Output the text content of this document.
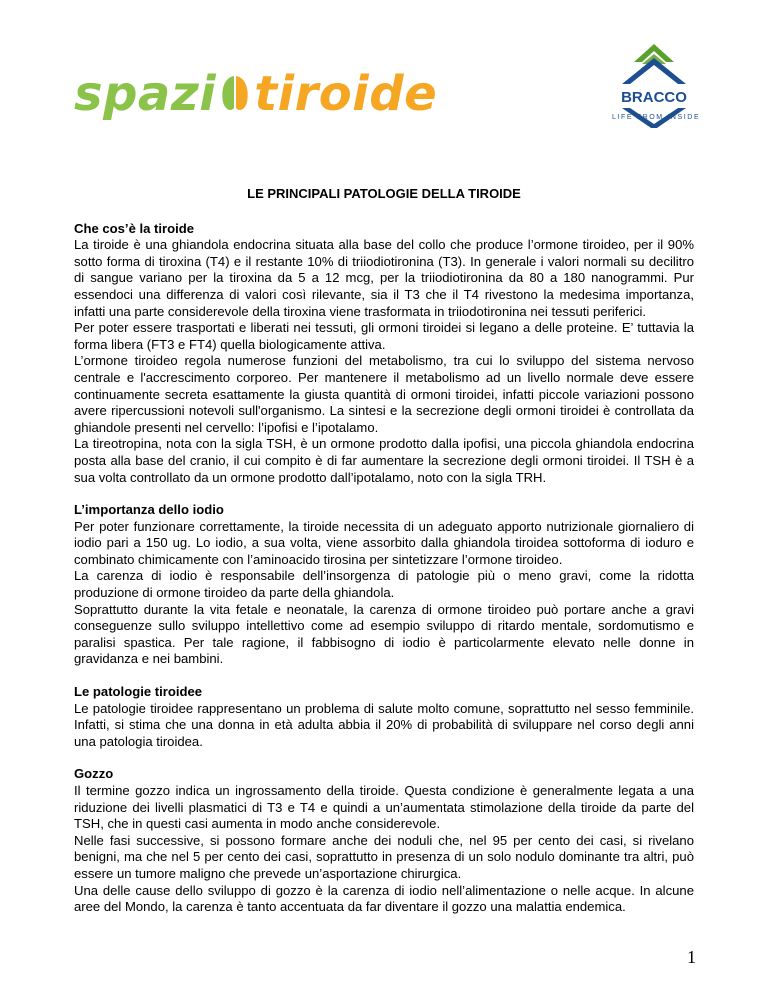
spazi tiroide	BRACCO
LIFE FROM INSIDE
LE PRINCIPALI PATOLOGIE DELLA TIROIDE

Che cos’è la tiroide

La tiroide è una ghiandola endocrina situata alla base del collo che produce l’ormone tiroideo, per il 90% sotto forma di tiroxina (T4) e il restante 10% di triiodiotironina (T3). In generale i valori normali su decilitro di sangue variano per la tiroxina da 5 a 12 mcg, per la triiodiotironina da 80 a 180 nanogrammi. Pur essendoci una differenza di valori così rilevante, sia il T3 che il T4 rivestono la medesima importanza, infatti una parte considerevole della tiroxina viene trasformata in triiodotironina nei tessuti periferici.

Per poter essere trasportati e liberati nei tessuti, gli ormoni tiroidei si legano a delle proteine. E’ tuttavia la forma libera (FT3 e FT4) quella biologicamente attiva.

L’ormone tiroideo regola numerose funzioni del metabolismo, tra cui lo sviluppo del sistema nervoso centrale e l'accrescimento corporeo. Per mantenere il metabolismo ad un livello normale deve essere continuamente secreta esattamente la giusta quantità di ormoni tiroidei, infatti piccole variazioni possono avere ripercussioni notevoli sull'organismo. La sintesi e la secrezione degli ormoni tiroidei è controllata da ghiandole presenti nel cervello: l’ipofisi e l’ipotalamo.

La tireotropina, nota con la sigla TSH, è un ormone prodotto dalla ipofisi, una piccola ghiandola endocrina posta alla base del cranio, il cui compito è di far aumentare la secrezione degli ormoni tiroidei. Il TSH è a sua volta controllato da un ormone prodotto dall’ipotalamo, noto con la sigla TRH.

L’importanza dello iodio

Per poter funzionare correttamente, la tiroide necessita di un adeguato apporto nutrizionale giornaliero di iodio pari a 150 ug. Lo iodio, a sua volta, viene assorbito dalla ghiandola tiroidea sottoforma di ioduro e combinato chimicamente con l’aminoacido tirosina per sintetizzare l’ormone tiroideo.

La carenza di iodio è responsabile dell’insorgenza di patologie più o meno gravi, come la ridotta produzione di ormone tiroideo da parte della ghiandola.

Soprattutto durante la vita fetale e neonatale, la carenza di ormone tiroideo può portare anche a gravi conseguenze sullo sviluppo intellettivo come ad esempio sviluppo di ritardo mentale, sordomutismo e paralisi spastica. Per tale ragione, il fabbisogno di iodio è particolarmente elevato nelle donne in gravidanza e nei bambini.

Le patologie tiroidee

Le patologie tiroidee rappresentano un problema di salute molto comune, soprattutto nel sesso femminile. Infatti, si stima che una donna in età adulta abbia il 20% di probabilità di sviluppare nel corso degli anni una patologia tiroidea.

Gozzo

Il termine gozzo indica un ingrossamento della tiroide. Questa condizione è generalmente legata a una riduzione dei livelli plasmatici di T3 e T4 e quindi a un’aumentata stimolazione della tiroide da parte del TSH, che in questi casi aumenta in modo anche considerevole.

Nelle fasi successive, si possono formare anche dei noduli che, nel 95 per cento dei casi, si rivelano benigni, ma che nel 5 per cento dei casi, soprattutto in presenza di un solo nodulo dominante tra altri, può essere un tumore maligno che prevede un’asportazione chirurgica.

Una delle cause dello sviluppo di gozzo è la carenza di iodio nell’alimentazione o nelle acque. In alcune aree del Mondo, la carenza è tanto accentuata da far diventare il gozzo una malattia endemica.

1
